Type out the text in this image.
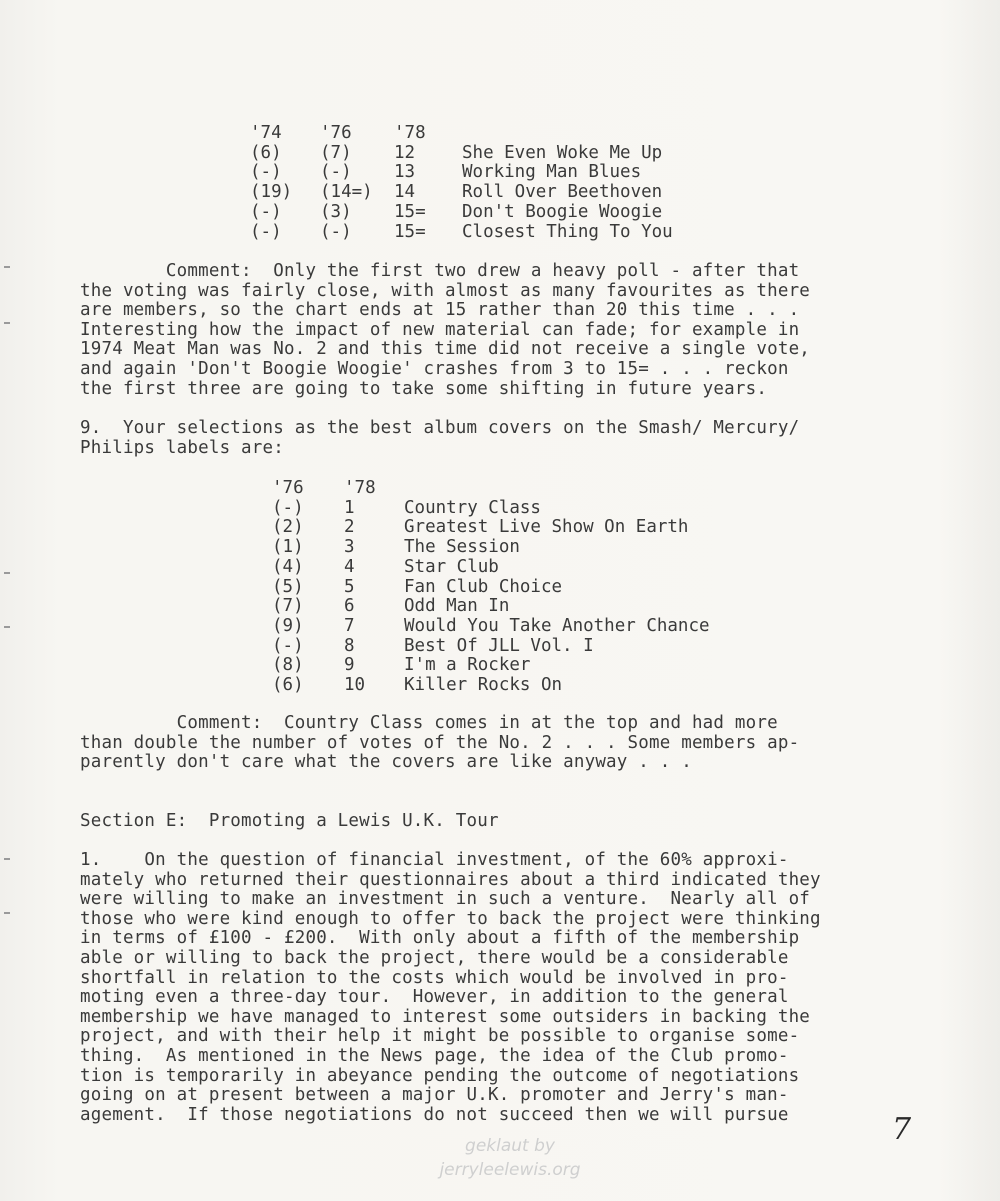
'74	'76	'78	
(6)	(7)	12	She Even Woke Me Up
(-)	(-)	13	Working Man Blues
(19)	(14=)	14	Roll Over Beethoven
(-)	(3)	15=	Don't Boogie Woogie
(-)	(-)	15=	Closest Thing To You
Comment:  Only the first two drew a heavy poll - after that
the voting was fairly close, with almost as many favourites as there
are members, so the chart ends at 15 rather than 20 this time . . .
Interesting how the impact of new material can fade; for example in
1974 Meat Man was No. 2 and this time did not receive a single vote,
and again 'Don't Boogie Woogie' crashes from 3 to 15= . . . reckon
the first three are going to take some shifting in future years.
9.  Your selections as the best album covers on the Smash/ Mercury/
Philips labels are:
'76	'78	
(-)	1	Country Class
(2)	2	Greatest Live Show On Earth
(1)	3	The Session
(4)	4	Star Club
(5)	5	Fan Club Choice
(7)	6	Odd Man In
(9)	7	Would You Take Another Chance
(-)	8	Best Of JLL Vol. I
(8)	9	I'm a Rocker
(6)	10	Killer Rocks On
Comment:  Country Class comes in at the top and had more
than double the number of votes of the No. 2 . . . Some members ap-
parently don't care what the covers are like anyway . . .
Section E:  Promoting a Lewis U.K. Tour
1.    On the question of financial investment, of the 60% approxi-
mately who returned their questionnaires about a third indicated they
were willing to make an investment in such a venture.  Nearly all of
those who were kind enough to offer to back the project were thinking
in terms of £100 - £200.  With only about a fifth of the membership
able or willing to back the project, there would be a considerable
shortfall in relation to the costs which would be involved in pro-
moting even a three-day tour.  However, in addition to the general
membership we have managed to interest some outsiders in backing the
project, and with their help it might be possible to organise some-
thing.  As mentioned in the News page, the idea of the Club promo-
tion is temporarily in abeyance pending the outcome of negotiations
going on at present between a major U.K. promoter and Jerry's man-
agement.  If those negotiations do not succeed then we will pursue	7
geklaut by
jerryleelewis.org
